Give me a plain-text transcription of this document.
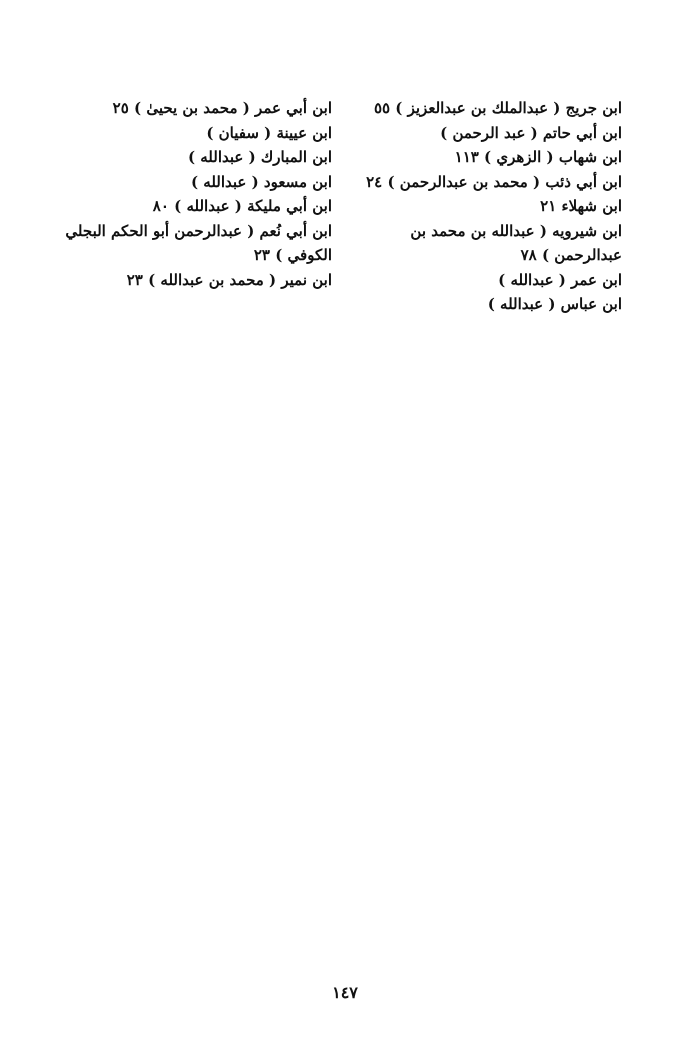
ابن جريج ( عبدالملك بن عبدالعزيز ) ٥٥
ابن أبي حاتم ( عبد الرحمن )
ابن شهاب ( الزهري ) ١١٣
ابن أبي ذئب ( محمد بن عبدالرحمن ) ٢٤
ابن شهلاء ٢١
ابن شيرويه ( عبدالله بن محمد بن عبدالرحمن ) ٧٨
ابن عمر ( عبدالله )
ابن عباس ( عبدالله )
ابن أبي عمر ( محمد بن يحيىٰ ) ٢٥
ابن عيينة ( سفيان )
ابن المبارك ( عبدالله )
ابن مسعود ( عبدالله )
ابن أبي مليكة ( عبدالله ) ٨٠
ابن أبي نُعم ( عبدالرحمن أبو الحكم البجلي الكوفي ) ٢٣
ابن نمير ( محمد بن عبدالله ) ٢٣
١٤٧
